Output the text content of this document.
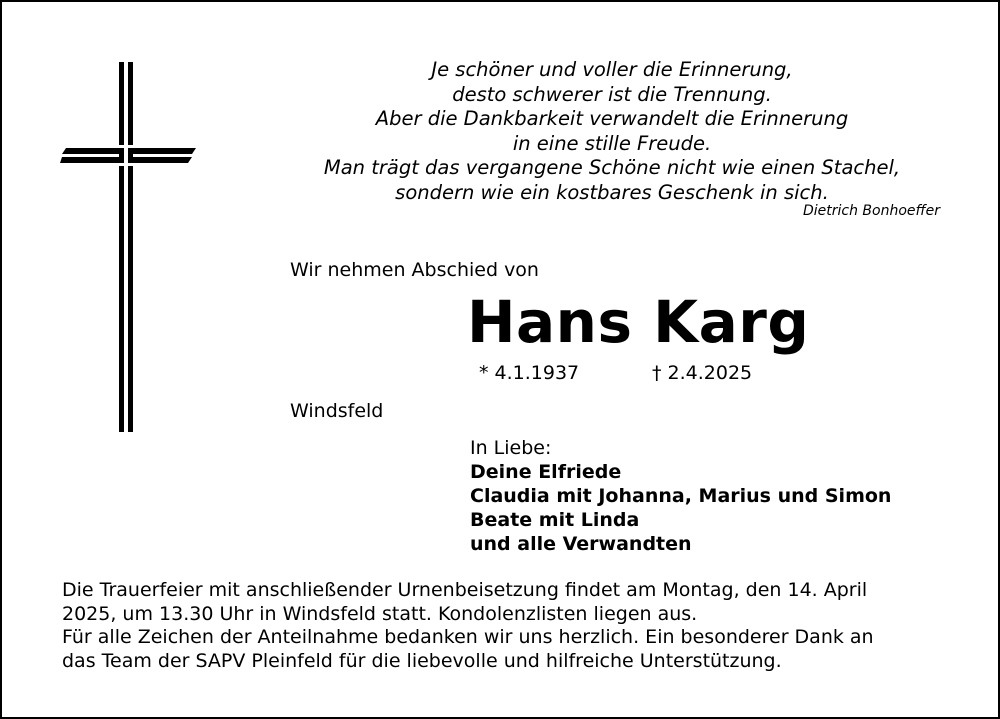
Je schöner und voller die Erinnerung,
desto schwerer ist die Trennung.
Aber die Dankbarkeit verwandelt die Erinnerung
in eine stille Freude.
Man trägt das vergangene Schöne nicht wie einen Stachel,
sondern wie ein kostbares Geschenk in sich.
Dietrich Bonhoeffer
Wir nehmen Abschied von
Hans Karg
* 4.1.1937	† 2.4.2025
Windsfeld
In Liebe:
Deine Elfriede
Claudia mit Johanna, Marius und Simon
Beate mit Linda
und alle Verwandten
Die Trauerfeier mit anschließender Urnenbeisetzung findet am Montag, den 14. April
2025, um 13.30 Uhr in Windsfeld statt. Kondolenzlisten liegen aus.
Für alle Zeichen der Anteilnahme bedanken wir uns herzlich. Ein besonderer Dank an
das Team der SAPV Pleinfeld für die liebevolle und hilfreiche Unterstützung.
